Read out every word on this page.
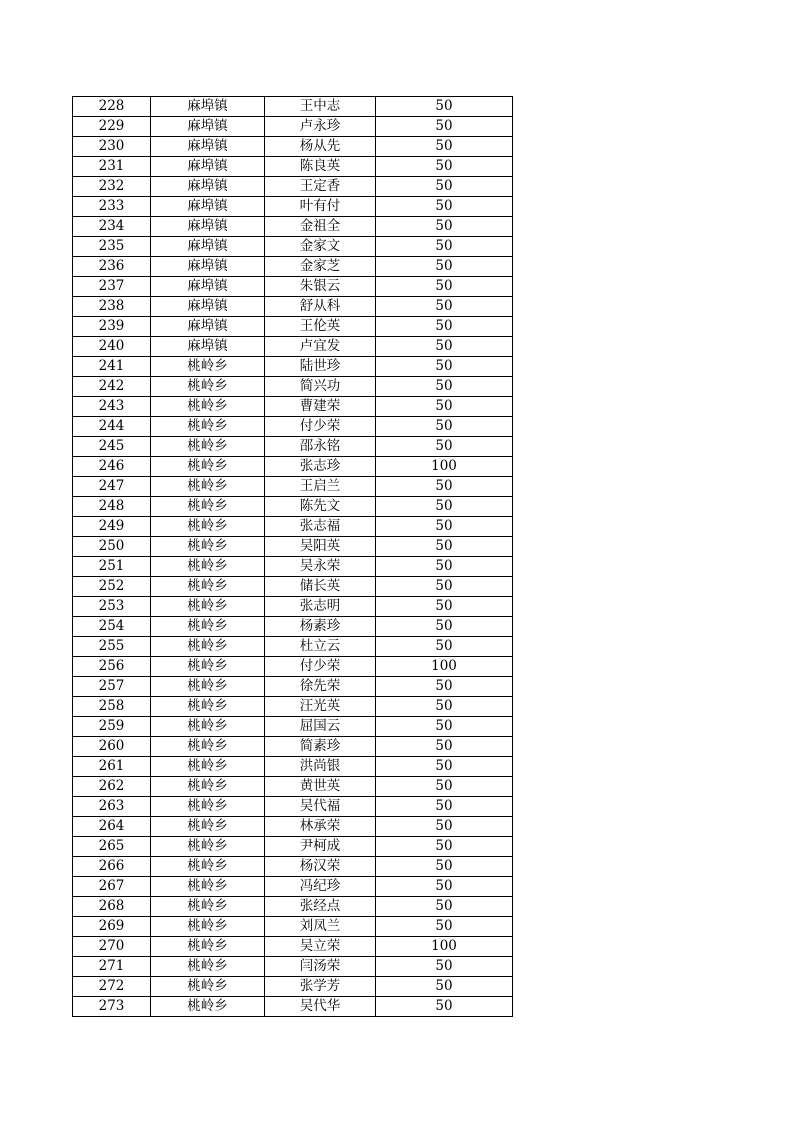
228	麻埠镇	王中志	50
229	麻埠镇	卢永珍	50
230	麻埠镇	杨从先	50
231	麻埠镇	陈良英	50
232	麻埠镇	王定香	50
233	麻埠镇	叶有付	50
234	麻埠镇	金祖全	50
235	麻埠镇	金家文	50
236	麻埠镇	金家芝	50
237	麻埠镇	朱银云	50
238	麻埠镇	舒从科	50
239	麻埠镇	王伦英	50
240	麻埠镇	卢宜发	50
241	桃岭乡	陆世珍	50
242	桃岭乡	简兴功	50
243	桃岭乡	曹建荣	50
244	桃岭乡	付少荣	50
245	桃岭乡	邵永铭	50
246	桃岭乡	张志珍	100
247	桃岭乡	王启兰	50
248	桃岭乡	陈先文	50
249	桃岭乡	张志福	50
250	桃岭乡	吴阳英	50
251	桃岭乡	吴永荣	50
252	桃岭乡	储长英	50
253	桃岭乡	张志明	50
254	桃岭乡	杨素珍	50
255	桃岭乡	杜立云	50
256	桃岭乡	付少荣	100
257	桃岭乡	徐先荣	50
258	桃岭乡	汪光英	50
259	桃岭乡	屈国云	50
260	桃岭乡	简素珍	50
261	桃岭乡	洪尚银	50
262	桃岭乡	黄世英	50
263	桃岭乡	吴代福	50
264	桃岭乡	林承荣	50
265	桃岭乡	尹柯成	50
266	桃岭乡	杨汉荣	50
267	桃岭乡	冯纪珍	50
268	桃岭乡	张经点	50
269	桃岭乡	刘凤兰	50
270	桃岭乡	吴立荣	100
271	桃岭乡	闫汤荣	50
272	桃岭乡	张学芳	50
273	桃岭乡	吴代华	50
